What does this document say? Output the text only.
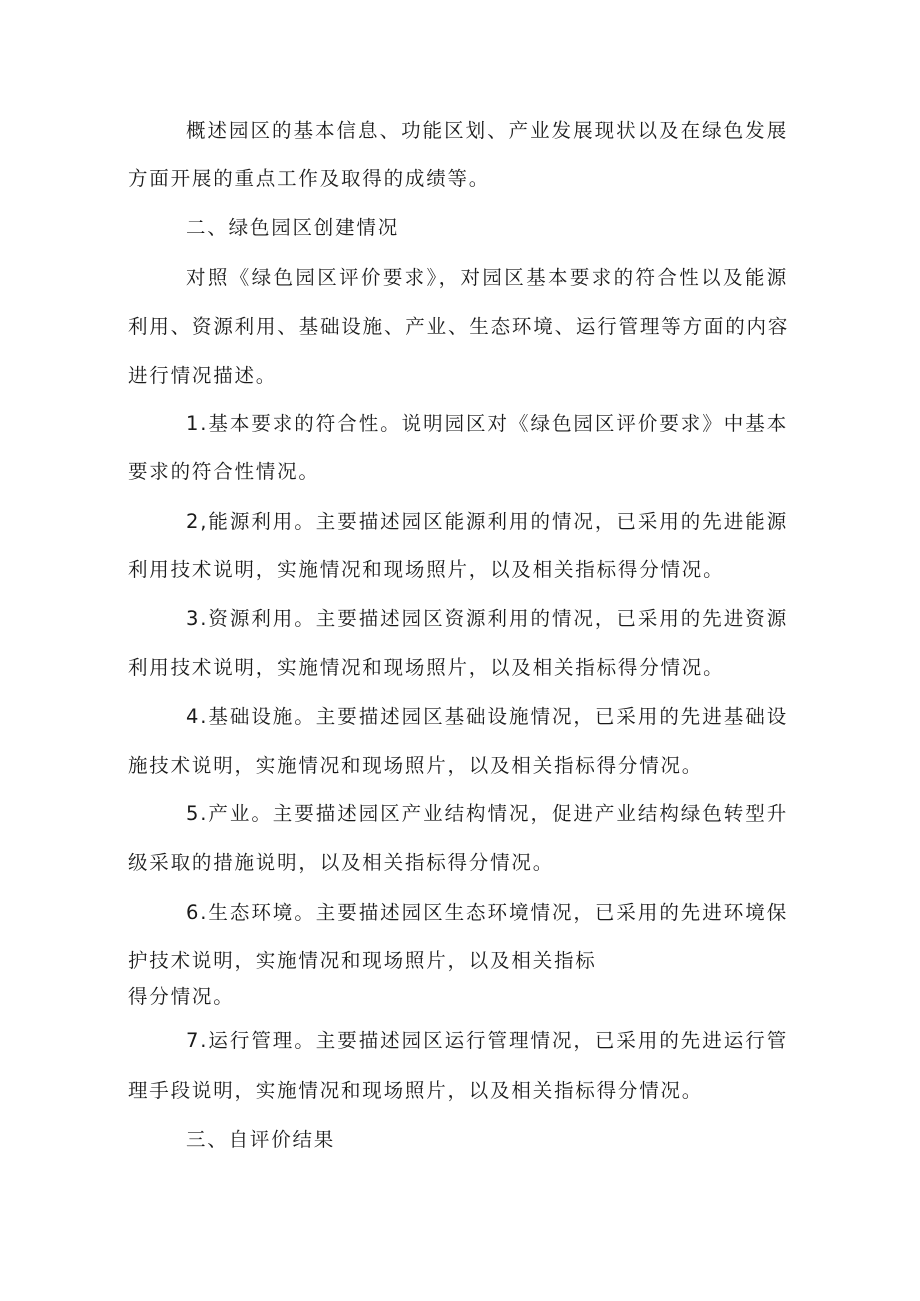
概述园区的基本信息、功能区划、产业发展现状以及在绿色发展
方面开展的重点工作及取得的成绩等。
二、绿色园区创建情况
对照《绿色园区评价要求》，对园区基本要求的符合性以及能源
利用、资源利用、基础设施、产业、生态环境、运行管理等方面的内容
进行情况描述。
1.基本要求的符合性。说明园区对《绿色园区评价要求》中基本
要求的符合性情况。
2,能源利用。主要描述园区能源利用的情况，已采用的先进能源
利用技术说明，实施情况和现场照片，以及相关指标得分情况。
3.资源利用。主要描述园区资源利用的情况，已采用的先进资源
利用技术说明，实施情况和现场照片，以及相关指标得分情况。
4.基础设施。主要描述园区基础设施情况，已采用的先进基础设
施技术说明，实施情况和现场照片，以及相关指标得分情况。
5.产业。主要描述园区产业结构情况，促进产业结构绿色转型升
级采取的措施说明，以及相关指标得分情况。
6.生态环境。主要描述园区生态环境情况，已采用的先进环境保
护技术说明，实施情况和现场照片，以及相关指标
得分情况。
7.运行管理。主要描述园区运行管理情况，已采用的先进运行管
理手段说明，实施情况和现场照片，以及相关指标得分情况。
三、自评价结果
